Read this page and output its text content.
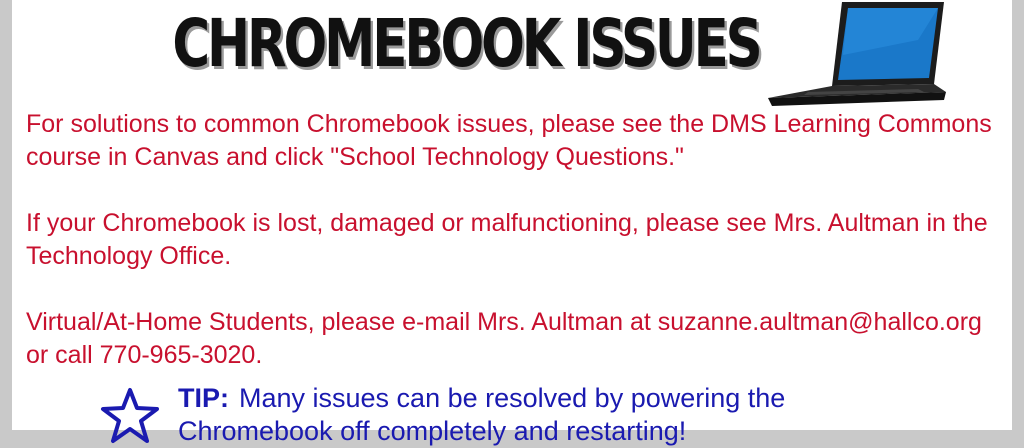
CHROMEBOOK ISSUES

For solutions to common Chromebook issues, please see the DMS Learning Commons course in Canvas and click "School Technology Questions."

If your Chromebook is lost, damaged or malfunctioning, please see Mrs. Aultman in the Technology Office.

Virtual/At-Home Students, please e-mail Mrs. Aultman at suzanne.aultman@hallco.org or call 770-965-3020.

TIP: Many issues can be resolved by powering the Chromebook off completely and restarting!
